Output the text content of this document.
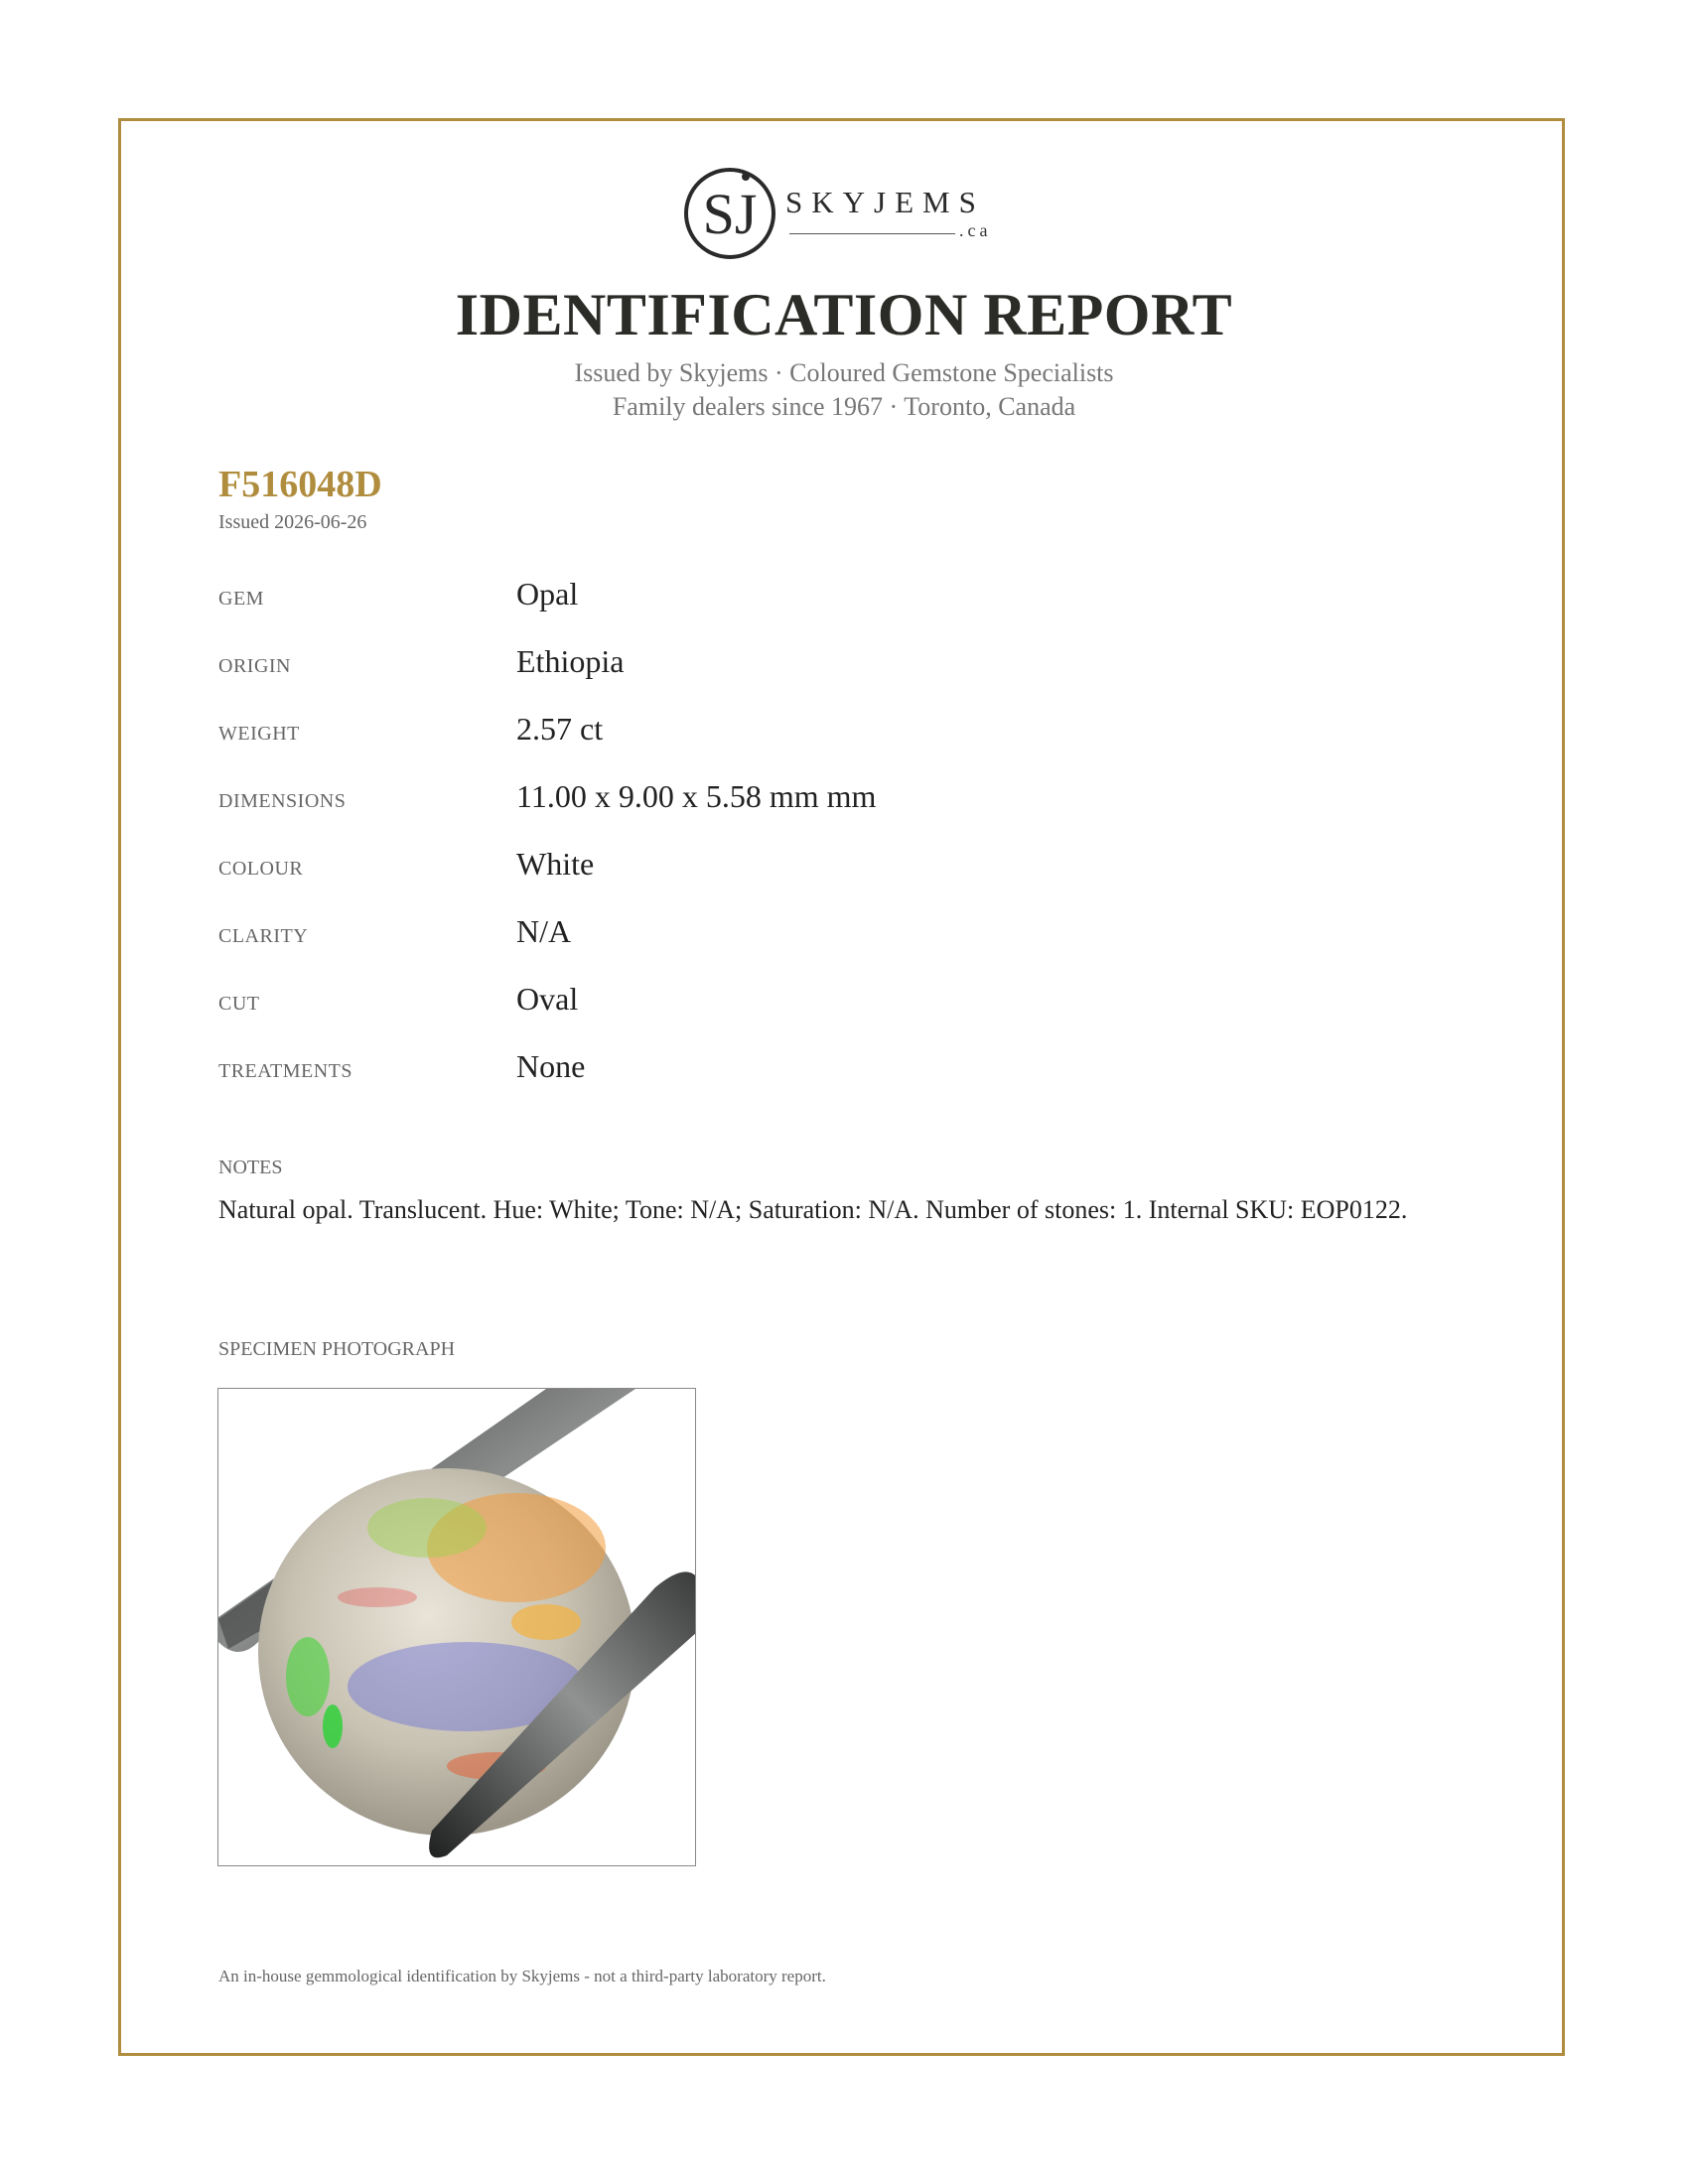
SJ SKYJEMS
.ca
IDENTIFICATION REPORT
Issued by Skyjems · Coloured Gemstone Specialists
Family dealers since 1967 · Toronto, Canada
F516048D
Issued 2026-06-26
GEM	Opal
ORIGIN	Ethiopia
WEIGHT	2.57 ct
DIMENSIONS	11.00 x 9.00 x 5.58 mm mm
COLOUR	White
CLARITY	N/A
CUT	Oval
TREATMENTS	None
NOTES
Natural opal. Translucent. Hue: White; Tone: N/A; Saturation: N/A. Number of stones: 1. Internal SKU: EOP0122.
SPECIMEN PHOTOGRAPH
An in-house gemmological identification by Skyjems - not a third-party laboratory report.
